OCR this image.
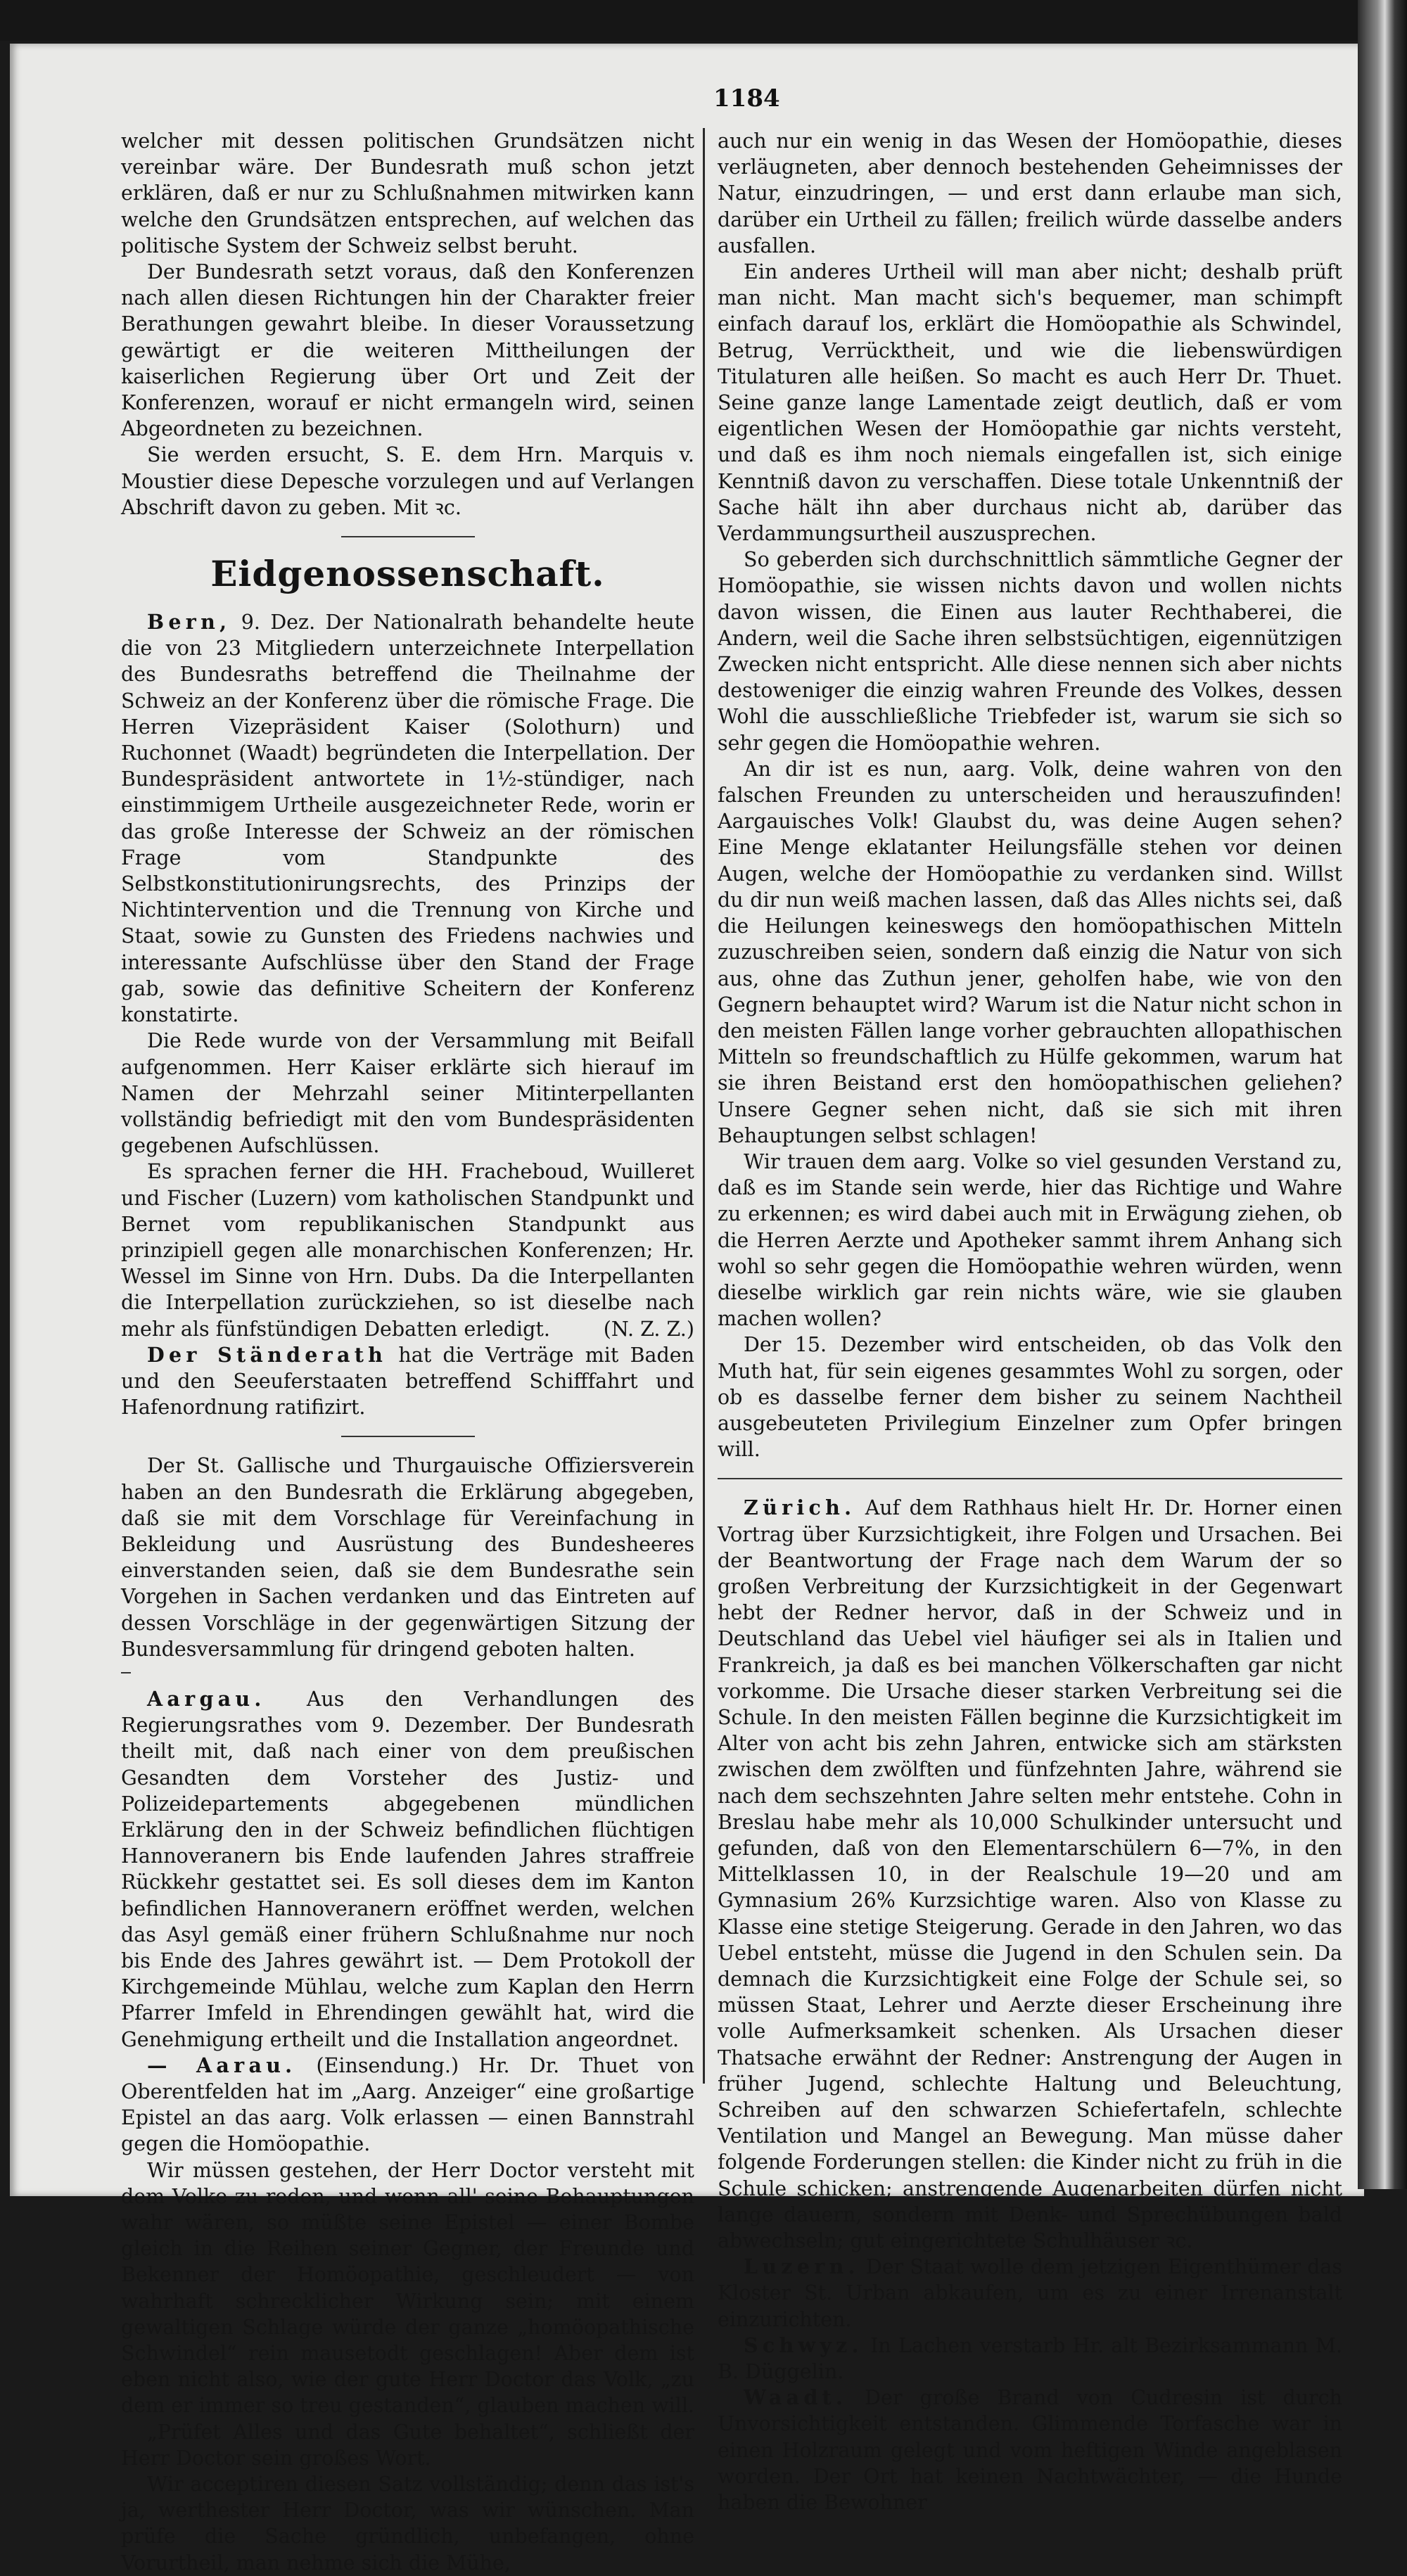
1184

welcher mit dessen politischen Grundsätzen nicht vereinbar wäre. Der Bundesrath muß schon jetzt erklären, daß er nur zu Schlußnahmen mitwirken kann welche den Grundsätzen entsprechen, auf welchen das politische System der Schweiz selbst beruht.

Der Bundesrath setzt voraus, daß den Konferenzen nach allen diesen Richtungen hin der Charakter freier Berathungen gewahrt bleibe. In dieser Voraussetzung gewärtigt er die weiteren Mittheilungen der kaiserlichen Regierung über Ort und Zeit der Konferenzen, worauf er nicht ermangeln wird, seinen Abgeordneten zu bezeichnen.

Sie werden ersucht, S. E. dem Hrn. Marquis v. Moustier diese Depesche vorzulegen und auf Verlangen Abschrift davon zu geben. Mit ꝛc.

Eidgenossenschaft.

Bern, 9. Dez. Der Nationalrath behandelte heute die von 23 Mitgliedern unterzeichnete Interpellation des Bundesraths betreffend die Theilnahme der Schweiz an der Konferenz über die römische Frage. Die Herren Vizepräsident Kaiser (Solothurn) und Ruchonnet (Waadt) begründeten die Interpellation. Der Bundespräsident antwortete in 1½-stündiger, nach einstimmigem Urtheile ausgezeichneter Rede, worin er das große Interesse der Schweiz an der römischen Frage vom Standpunkte des Selbstkonstitutionirungsrechts, des Prinzips der Nichtintervention und die Trennung von Kirche und Staat, sowie zu Gunsten des Friedens nachwies und interessante Aufschlüsse über den Stand der Frage gab, sowie das definitive Scheitern der Konferenz konstatirte.

Die Rede wurde von der Versammlung mit Beifall aufgenommen. Herr Kaiser erklärte sich hierauf im Namen der Mehrzahl seiner Mitinterpellanten vollständig befriedigt mit den vom Bundespräsidenten gegebenen Aufschlüssen.

Es sprachen ferner die HH. Fracheboud, Wuilleret und Fischer (Luzern) vom katholischen Standpunkt und Bernet vom republikanischen Standpunkt aus prinzipiell gegen alle monarchischen Konferenzen; Hr. Wessel im Sinne von Hrn. Dubs. Da die Interpellanten die Interpellation zurückziehen, so ist dieselbe nach mehr als fünfstündigen Debatten erledigt.	(N. Z. Z.)

Der Ständerath hat die Verträge mit Baden und den Seeuferstaaten betreffend Schifffahrt und Hafenordnung ratifizirt.

Der St. Gallische und Thurgauische Offiziersverein haben an den Bundesrath die Erklärung abgegeben, daß sie mit dem Vorschlage für Vereinfachung in Bekleidung und Ausrüstung des Bundesheeres einverstanden seien, daß sie dem Bundesrathe sein Vorgehen in Sachen verdanken und das Eintreten auf dessen Vorschläge in der gegenwärtigen Sitzung der Bundesversammlung für dringend geboten halten.

Aargau. Aus den Verhandlungen des Regierungsrathes vom 9. Dezember. Der Bundesrath theilt mit, daß nach einer von dem preußischen Gesandten dem Vorsteher des Justiz- und Polizeidepartements abgegebenen mündlichen Erklärung den in der Schweiz befindlichen flüchtigen Hannoveranern bis Ende laufenden Jahres straffreie Rückkehr gestattet sei. Es soll dieses dem im Kanton befindlichen Hannoveranern eröffnet werden, welchen das Asyl gemäß einer frühern Schlußnahme nur noch bis Ende des Jahres gewährt ist. — Dem Protokoll der Kirchgemeinde Mühlau, welche zum Kaplan den Herrn Pfarrer Imfeld in Ehrendingen gewählt hat, wird die Genehmigung ertheilt und die Installation angeordnet.

— Aarau. (Einsendung.) Hr. Dr. Thuet von Oberentfelden hat im „Aarg. Anzeiger“ eine großartige Epistel an das aarg. Volk erlassen — einen Bannstrahl gegen die Homöopathie.

Wir müssen gestehen, der Herr Doctor versteht mit dem Volke zu reden, und wenn all' seine Behauptungen wahr wären, so müßte seine Epistel — einer Bombe gleich in die Reihen seiner Gegner, der Freunde und Bekenner der Homöopathie, geschleudert — von wahrhaft schrecklicher Wirkung sein; mit einem gewaltigen Schlage würde der ganze „homöopathische Schwindel“ rein mausetodt geschlagen! Aber dem ist eben nicht also, wie der gute Herr Doctor das Volk, „zu dem er immer so treu gestanden“, glauben machen will.

„Prüfet Alles und das Gute behaltet“, schließt der Herr Doctor sein großes Wort.

Wir acceptiren diesen Satz vollständig; denn das ist's ja, werthester Herr Doctor, was wir wünschen. Man prüfe die Sache gründlich, unbefangen, ohne Vorurtheil, man nehme sich die Mühe,

auch nur ein wenig in das Wesen der Homöopathie, dieses verläugneten, aber dennoch bestehenden Geheimnisses der Natur, einzudringen, — und erst dann erlaube man sich, darüber ein Urtheil zu fällen; freilich würde dasselbe anders ausfallen.

Ein anderes Urtheil will man aber nicht; deshalb prüft man nicht. Man macht sich's bequemer, man schimpft einfach darauf los, erklärt die Homöopathie als Schwindel, Betrug, Verrücktheit, und wie die liebenswürdigen Titulaturen alle heißen. So macht es auch Herr Dr. Thuet. Seine ganze lange Lamentade zeigt deutlich, daß er vom eigentlichen Wesen der Homöopathie gar nichts versteht, und daß es ihm noch niemals eingefallen ist, sich einige Kenntniß davon zu verschaffen. Diese totale Unkenntniß der Sache hält ihn aber durchaus nicht ab, darüber das Verdammungsurtheil auszusprechen.

So geberden sich durchschnittlich sämmtliche Gegner der Homöopathie, sie wissen nichts davon und wollen nichts davon wissen, die Einen aus lauter Rechthaberei, die Andern, weil die Sache ihren selbstsüchtigen, eigennützigen Zwecken nicht entspricht. Alle diese nennen sich aber nichts destoweniger die einzig wahren Freunde des Volkes, dessen Wohl die ausschließliche Triebfeder ist, warum sie sich so sehr gegen die Homöopathie wehren.

An dir ist es nun, aarg. Volk, deine wahren von den falschen Freunden zu unterscheiden und herauszufinden! Aargauisches Volk! Glaubst du, was deine Augen sehen? Eine Menge eklatanter Heilungsfälle stehen vor deinen Augen, welche der Homöopathie zu verdanken sind. Willst du dir nun weiß machen lassen, daß das Alles nichts sei, daß die Heilungen keineswegs den homöopathischen Mitteln zuzuschreiben seien, sondern daß einzig die Natur von sich aus, ohne das Zuthun jener, geholfen habe, wie von den Gegnern behauptet wird? Warum ist die Natur nicht schon in den meisten Fällen lange vorher gebrauchten allopathischen Mitteln so freundschaftlich zu Hülfe gekommen, warum hat sie ihren Beistand erst den homöopathischen geliehen? Unsere Gegner sehen nicht, daß sie sich mit ihren Behauptungen selbst schlagen!

Wir trauen dem aarg. Volke so viel gesunden Verstand zu, daß es im Stande sein werde, hier das Richtige und Wahre zu erkennen; es wird dabei auch mit in Erwägung ziehen, ob die Herren Aerzte und Apotheker sammt ihrem Anhang sich wohl so sehr gegen die Homöopathie wehren würden, wenn dieselbe wirklich gar rein nichts wäre, wie sie glauben machen wollen?

Der 15. Dezember wird entscheiden, ob das Volk den Muth hat, für sein eigenes gesammtes Wohl zu sorgen, oder ob es dasselbe ferner dem bisher zu seinem Nachtheil ausgebeuteten Privilegium Einzelner zum Opfer bringen will.

Zürich. Auf dem Rathhaus hielt Hr. Dr. Horner einen Vortrag über Kurzsichtigkeit, ihre Folgen und Ursachen. Bei der Beantwortung der Frage nach dem Warum der so großen Verbreitung der Kurzsichtigkeit in der Gegenwart hebt der Redner hervor, daß in der Schweiz und in Deutschland das Uebel viel häufiger sei als in Italien und Frankreich, ja daß es bei manchen Völkerschaften gar nicht vorkomme. Die Ursache dieser starken Verbreitung sei die Schule. In den meisten Fällen beginne die Kurzsichtigkeit im Alter von acht bis zehn Jahren, entwicke sich am stärksten zwischen dem zwölften und fünfzehnten Jahre, während sie nach dem sechszehnten Jahre selten mehr entstehe. Cohn in Breslau habe mehr als 10,000 Schulkinder untersucht und gefunden, daß von den Elementarschülern 6—7%, in den Mittelklassen 10, in der Realschule 19—20 und am Gymnasium 26% Kurzsichtige waren. Also von Klasse zu Klasse eine stetige Steigerung. Gerade in den Jahren, wo das Uebel entsteht, müsse die Jugend in den Schulen sein. Da demnach die Kurzsichtigkeit eine Folge der Schule sei, so müssen Staat, Lehrer und Aerzte dieser Erscheinung ihre volle Aufmerksamkeit schenken. Als Ursachen dieser Thatsache erwähnt der Redner: Anstrengung der Augen in früher Jugend, schlechte Haltung und Beleuchtung, Schreiben auf den schwarzen Schiefertafeln, schlechte Ventilation und Mangel an Bewegung. Man müsse daher folgende Forderungen stellen: die Kinder nicht zu früh in die Schule schicken; anstrengende Augenarbeiten dürfen nicht lange dauern, sondern mit Denk- und Sprechübungen bald abwechseln; gut eingerichtete Schulhäuser ꝛc.

Luzern. Der Staat wolle dem jetzigen Eigenthümer das Kloster St. Urban abkaufen, um es zu einer Irrenanstalt einzurichten.

Schwyz. In Lachen verstarb Hr. alt Bezirksammann M. B. Düggelin.

Waadt. Der große Brand von Cudresin ist durch Unvorsichtigkeit entstanden. Glimmende Torfasche war in einen Holzraum gelegt und vom heftigen Winde angeblasen worden. Der Ort hat keinen Nachtwächter, — die Hunde haben die Bewohner
